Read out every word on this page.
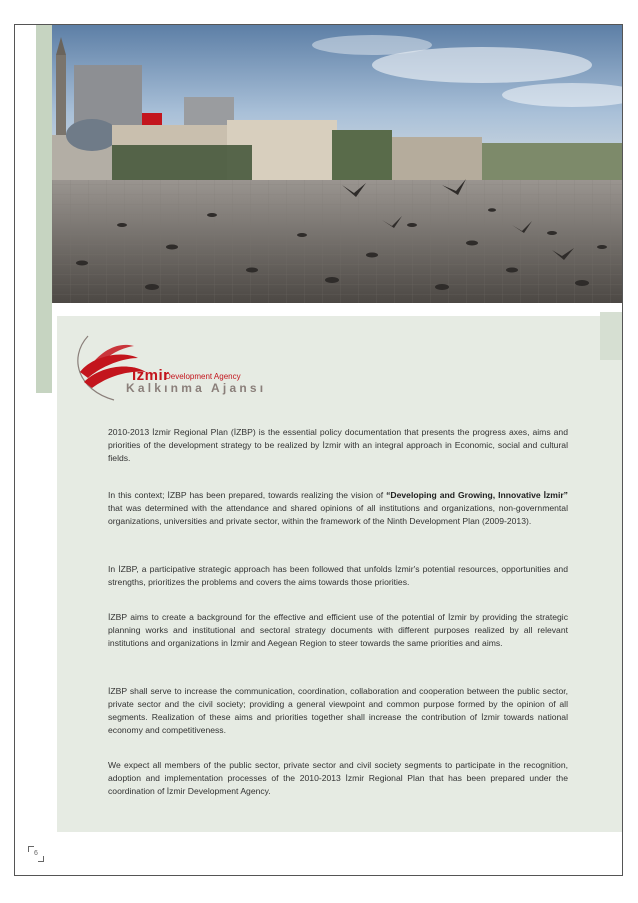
İzmir
Development Agency
Kalkınma Ajansı

2010-2013 İzmir Regional Plan (İZBP) is the essential policy documentation that presents the progress axes, aims and priorities of the development strategy to be realized by İzmir with an integral approach in Economic, social and cultural fields.

In this context; İZBP has been prepared, towards realizing the vision of “Developing and Growing, Innovative İzmir” that was determined with the attendance and shared opinions of all institutions and organizations, non-governmental organizations, universities and private sector, within the framework of the Ninth Development Plan (2009-2013).

In İZBP, a participative strategic approach has been followed that unfolds İzmir's potential resources, opportunities and strengths, prioritizes the problems and covers the aims towards those priorities.

İZBP aims to create a background for the effective and efficient use of the potential of İzmir by providing the strategic planning works and institutional and sectoral strategy documents with different purposes realized by all relevant institutions and organizations in İzmir and Aegean Region to steer towards the same priorities and aims.

İZBP shall serve to increase the communication, coordination, collaboration and cooperation between the public sector, private sector and the civil society; providing a general viewpoint and common purpose formed by the opinion of all segments. Realization of these aims and priorities together shall increase the contribution of İzmir towards national economy and competitiveness.

We expect all members of the public sector, private sector and civil society segments to participate in the recognition, adoption and implementation processes of the 2010-2013 İzmir Regional Plan that has been prepared under the coordination of İzmir Development Agency.

6
